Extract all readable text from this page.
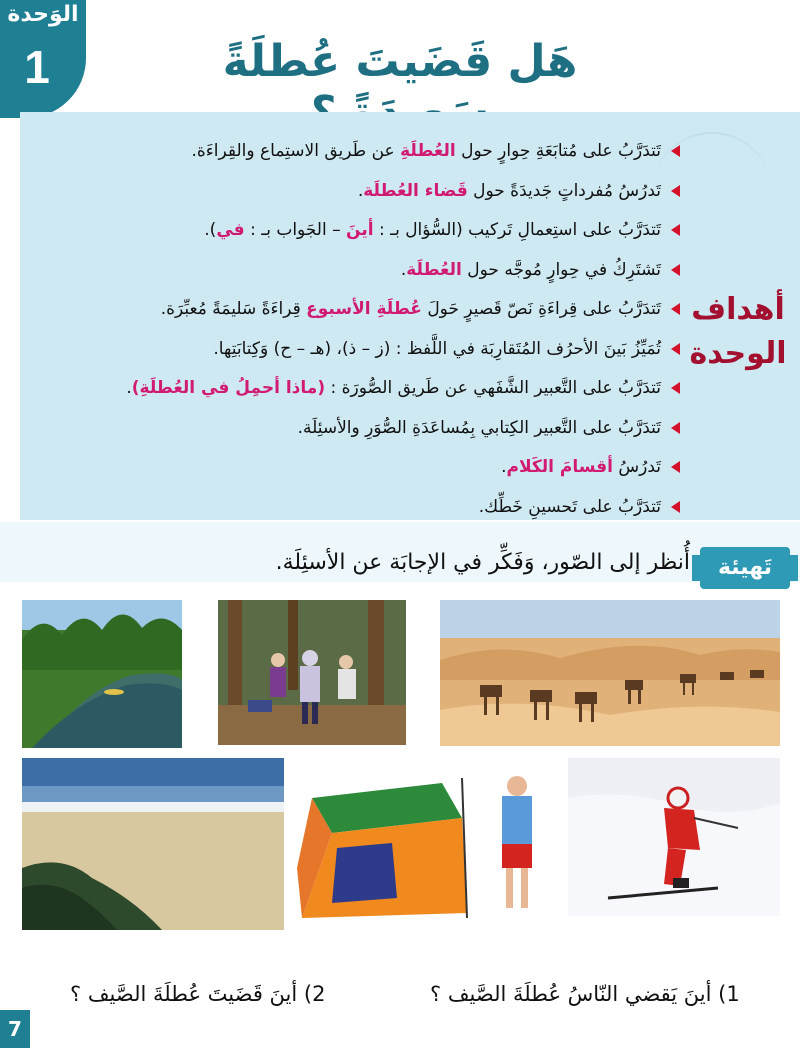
الوَحدة
1	هَل قَضَيتَ عُطلَةً
أهداف
الوحدة
تَتدَرَّبُ على مُتابَعَةِ حِوارٍ حول العُطلَةِ عن طَريق الاستِماع والقِراءَة.
تَدرُسُ مُفرداتٍ جَديدَةً حول قَضاء العُطلَة.
تَتدَرَّبُ على استِعمالِ تَركيب (السُّؤال بـ : أينَ – الجَواب بـ : في).
تَشتَرِكُ في حِوارٍ مُوجَّه حول العُطلَة.
تَتدَرَّبُ على قِراءَةِ نَصّ قَصيرٍ حَولَ عُطلَةِ الأسبوع قِراءَةً سَليمَةً مُعبِّرَة.
تُمَيِّزُ بَينَ الأحرُف المُتَقارِبَة في اللَّفظ : (ز – ذ)، (هـ – ح) وَكِتابَتِها.
تَتدَرَّبُ على التَّعبير الشَّفَهي عن طَريق الصُّورَة : (ماذا أحمِلُ في العُطلَةِ).
تَتدَرَّبُ على التَّعبير الكِتابي بِمُساعَدَةِ الصُّوَرِ والأسئِلَة.
تَدرُسُ أقسامَ الكَلام.
تَتدَرَّبُ على تَحسينِ خَطِّك.
تَهيئة
أُنظر إلى الصّور، وَفَكِّر في الإجابَة عن الأسئِلَة.
2) أينَ قَضَيتَ عُطلَةَ الصَّيف ؟	1) أينَ يَقضي النّاسُ عُطلَةَ الصَّيف ؟
7
